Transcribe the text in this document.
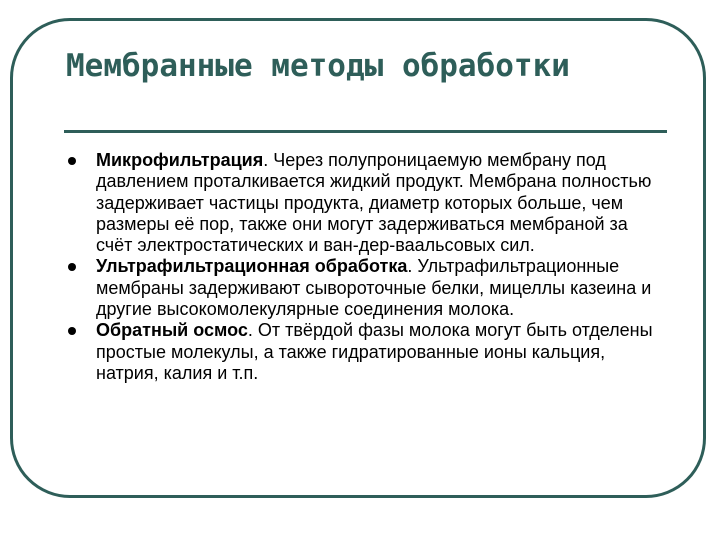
Мембранные методы обработки
Микрофильтрация. Через полупроницаемую мембрану под давлением проталкивается жидкий продукт. Мембрана полностью задерживает частицы продукта, диаметр которых больше, чем размеры её пор, также они могут задерживаться мембраной за счёт электростатических и ван-дер-ваальсовых сил.
Ультрафильтрационная обработка. Ультрафильтрационные мембраны задерживают сывороточные белки, мицеллы казеина и другие высокомолекулярные соединения молока.
Обратный осмос. От твёрдой фазы молока могут быть отделены простые молекулы, а также гидратированные ионы кальция, натрия, калия и т.п.
